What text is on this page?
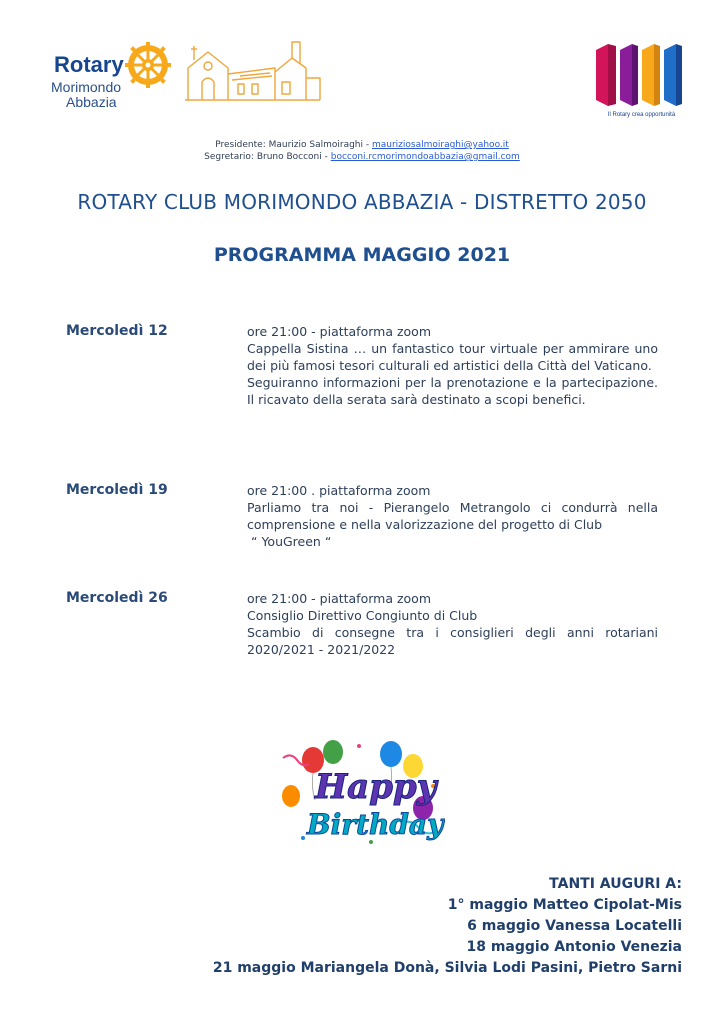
Rotary
Morimondo
Abbazia
Il Rotary crea opportunità
Presidente: Maurizio Salmoiraghi - mauriziosalmoiraghi@yahoo.it
Segretario: Bruno Bocconi - bocconi.rcmorimondoabbazia@gmail.com
ROTARY CLUB MORIMONDO ABBAZIA - DISTRETTO 2050
PROGRAMMA MAGGIO 2021
Mercoledì 12	ore 21:00 - piattaforma zoom

Cappella Sistina … un fantastico tour virtuale per ammirare uno dei più famosi tesori culturali ed artistici della Città del Vaticano.

Seguiranno informazioni per la prenotazione e la partecipazione. Il ricavato della serata sarà destinato a scopi benefici.

Mercoledì 19	ore 21:00 . piattaforma zoom

Parliamo tra noi - Pierangelo Metrangolo ci condurrà nella comprensione e nella valorizzazione del progetto di Club

“ YouGreen “

Mercoledì 26	ore 21:00 - piattaforma zoom

Consiglio Direttivo Congiunto di Club

Scambio di consegne tra i consiglieri degli anni rotariani 2020/2021 - 2021/2022

Happy
Birthday
TANTI AUGURI A:
1° maggio Matteo Cipolat-Mis
6 maggio Vanessa Locatelli
18 maggio Antonio Venezia
21 maggio Mariangela Donà, Silvia Lodi Pasini, Pietro Sarni
